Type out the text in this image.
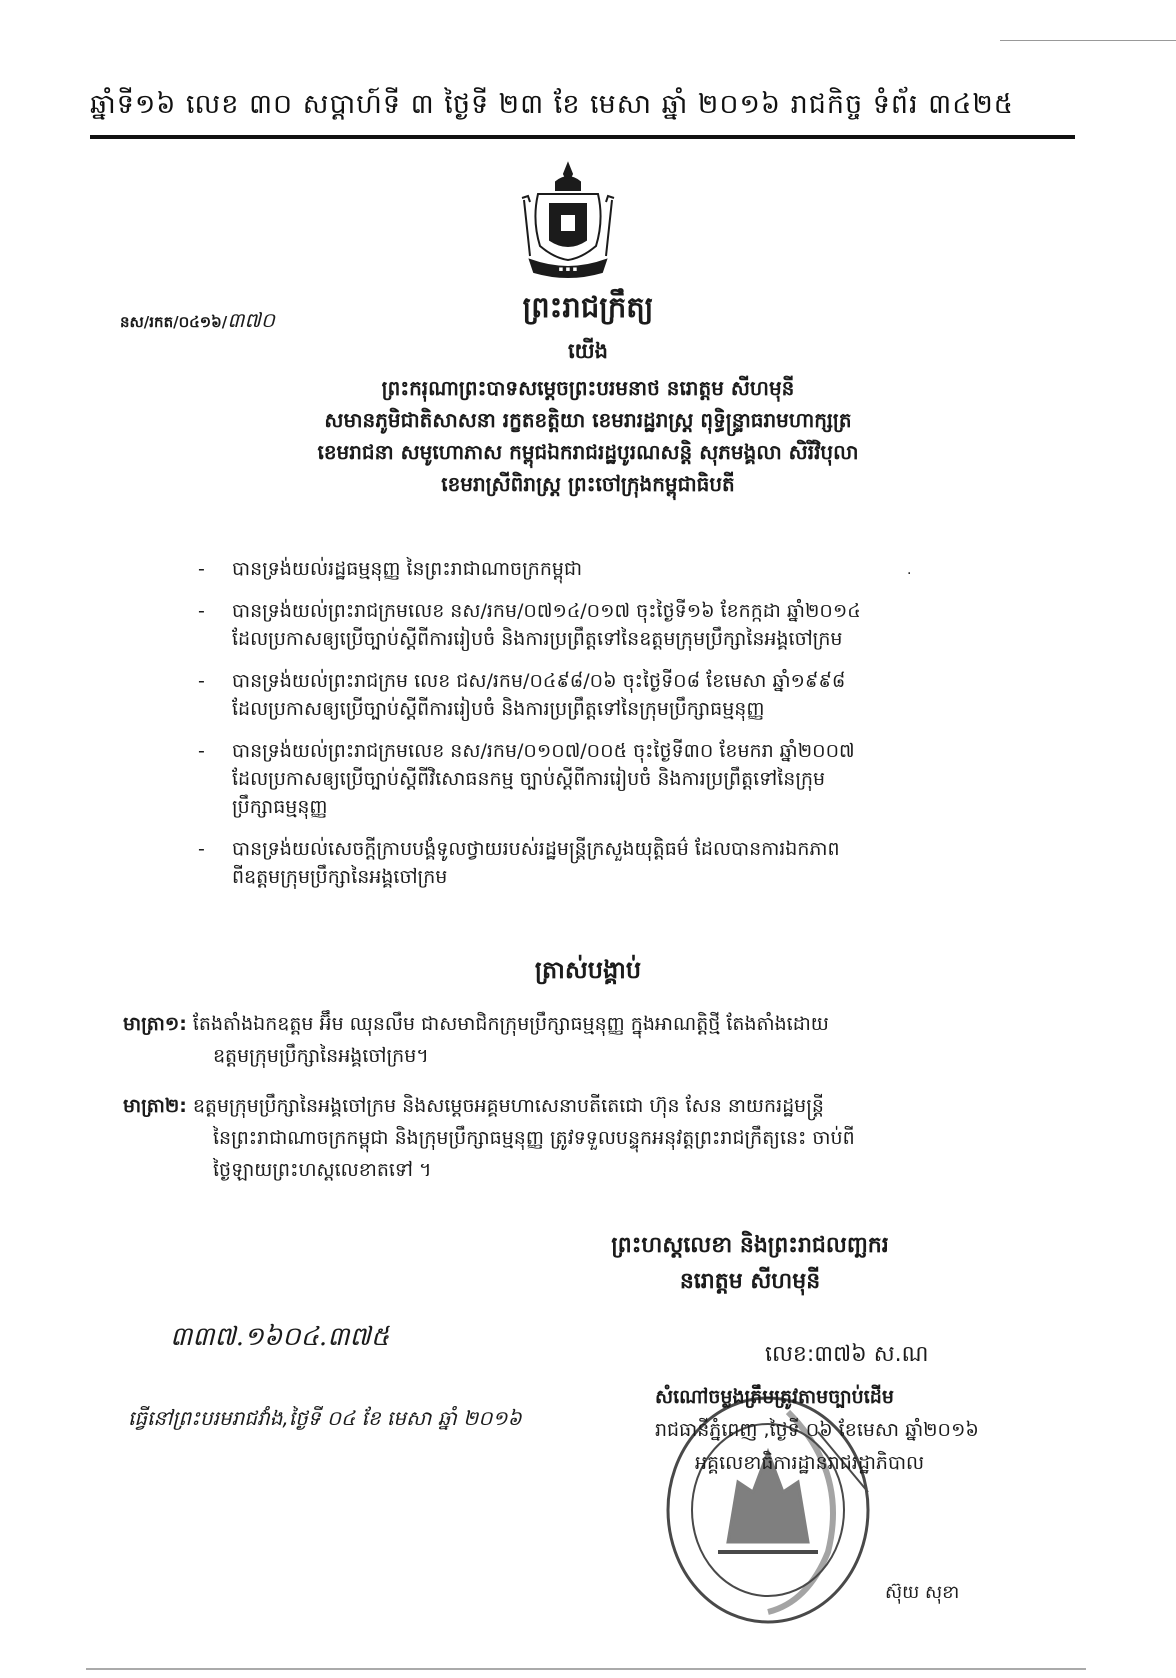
ឆ្នាំទី១៦ លេខ ៣០ សប្តាហ៍ទី ៣ ថ្ងៃទី ២៣ ខែ មេសា ឆ្នាំ ២០១៦ រាជកិច្ច ទំព័រ ៣៤២៥
▪ ▪ ▪
នស/រកត/០៤១៦/៣៧០	ព្រះរាជក្រឹត្យ
យើង
ព្រះករុណាព្រះបាទសម្តេចព្រះបរមនាថ នរោត្តម សីហមុនី
សមានភូមិជាតិសាសនា រក្ខតខត្តិយា ខេមរារដ្ឋរាស្ត្រ ពុទ្ធិន្ទ្រាធរាមហាក្សត្រ
ខេមរាជនា សមូហោភាស កម្ពុជឯករាជរដ្ឋបូរណសន្តិ សុភមង្គលា សិរីវិបុលា
ខេមរាស្រីពិរាស្ត្រ ព្រះចៅក្រុងកម្ពុជាធិបតី
·
- បានទ្រង់យល់រដ្ឋធម្មនុញ្ញ នៃព្រះរាជាណាចក្រកម្ពុជា
- បានទ្រង់យល់ព្រះរាជក្រមលេខ នស/រកម/០៧១៤/០១៧ ចុះថ្ងៃទី១៦ ខែកក្កដា ឆ្នាំ២០១៤
ដែលប្រកាសឲ្យប្រើច្បាប់ស្តីពីការរៀបចំ និងការប្រព្រឹត្តទៅនៃឧត្តមក្រុមប្រឹក្សានៃអង្គចៅក្រម
- បានទ្រង់យល់ព្រះរាជក្រម លេខ ជស/រកម/០៤៩៨/០៦ ចុះថ្ងៃទី០៨ ខែមេសា ឆ្នាំ១៩៩៨
ដែលប្រកាសឲ្យប្រើច្បាប់ស្តីពីការរៀបចំ និងការប្រព្រឹត្តទៅនៃក្រុមប្រឹក្សាធម្មនុញ្ញ
- បានទ្រង់យល់ព្រះរាជក្រមលេខ នស/រកម/០១០៧/០០៥ ចុះថ្ងៃទី៣០ ខែមករា ឆ្នាំ២០០៧
ដែលប្រកាសឲ្យប្រើច្បាប់ស្តីពីវិសោធនកម្ម ច្បាប់ស្តីពីការរៀបចំ និងការប្រព្រឹត្តទៅនៃក្រុម
ប្រឹក្សាធម្មនុញ្ញ
- បានទ្រង់យល់សេចក្តីក្រាបបង្គំទូលថ្វាយរបស់រដ្ឋមន្ត្រីក្រសួងយុត្តិធម៌ ដែលបានការឯកភាព
ពីឧត្តមក្រុមប្រឹក្សានៃអង្គចៅក្រម
ត្រាស់បង្គាប់
មាត្រា១: តែងតាំងឯកឧត្តម អ៊ឹម ឈុនលឹម ជាសមាជិកក្រុមប្រឹក្សាធម្មនុញ្ញ ក្នុងអាណត្តិថ្មី តែងតាំងដោយ
ឧត្តមក្រុមប្រឹក្សានៃអង្គចៅក្រម។
មាត្រា២: ឧត្តមក្រុមប្រឹក្សានៃអង្គចៅក្រម និងសម្តេចអគ្គមហាសេនាបតីតេជោ ហ៊ុន សែន នាយករដ្ឋមន្ត្រី
នៃព្រះរាជាណាចក្រកម្ពុជា និងក្រុមប្រឹក្សាធម្មនុញ្ញ ត្រូវទទួលបន្ទុកអនុវត្តព្រះរាជក្រឹត្យនេះ ចាប់ពី
ថ្ងៃឡាយព្រះហស្តលេខាតទៅ ។
ព្រះហស្តលេខា និងព្រះរាជលញ្ឆករ
នរោត្តម សីហមុនី
៣៣៧.១៦០៤.៣៧៥
លេខ:៣៧៦ ស.ណ
ធ្វើនៅព្រះបរមរាជវាំង,ថ្ងៃទី ០៤ ខែ មេសា ឆ្នាំ ២០១៦
សំណៅចម្លងត្រឹមត្រូវតាមច្បាប់ដើម
រាជធានីភ្នំពេញ ,ថ្ងៃទី ០៦ ខែមេសា ឆ្នាំ២០១៦
អគ្គលេខាធិការដ្ឋានរាជរដ្ឋាភិបាល
ស៊ុយ សុខា
